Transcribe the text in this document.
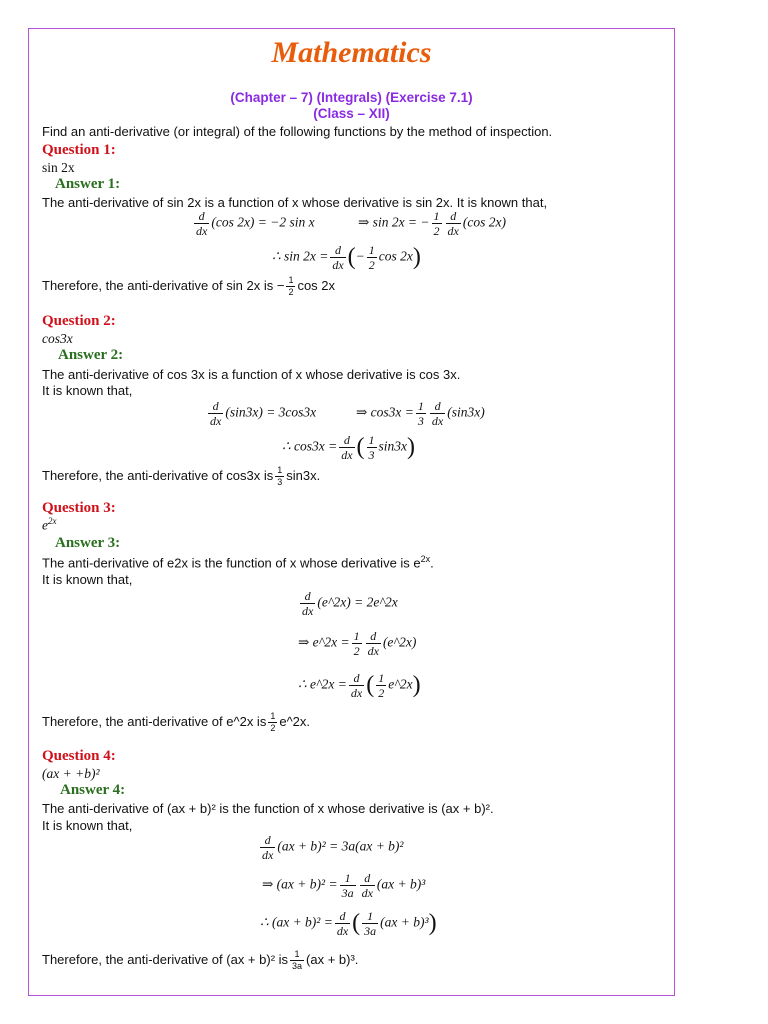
Mathematics
(Chapter – 7) (Integrals) (Exercise 7.1)
(Class – XII)
Find an anti-derivative (or integral) of the following functions by the method of inspection.
Question 1:
sin 2x
Answer 1:
The anti-derivative of sin 2x is a function of x whose derivative is sin 2x. It is known that,
$\frac{d}{dx} (\cos$ 2x) = −2 sin x	⇒ sin 2x = − $\frac{1}{2} \frac{d}{dx} (\cos$ 2x)
∴ $\sin 2x = \frac{d}{dx}$ (− $\frac{1}{2}$ cos 2x)
Therefore, the anti-derivative of sin 2x is − $\frac{1}{2}$ cos 2x
Question 2:
cos3x
Answer 2:
The anti-derivative of cos 3x is a function of x whose derivative is cos 3x.
It is known that,
$\frac{d}{dx} (\sin 3x) = 3\cos 3x$	⇒ $\cos 3x = \frac{1}{3} \frac{d}{dx} (\sin 3x)$
∴ $\cos 3x = \frac{d}{dx}$ ( $\frac{1}{3} \sin 3x$)
Therefore, the anti-derivative of cos3x is $\frac{1}{3} \sin 3x$.
Question 3:
$e^{2x}$
Answer 3:
The anti-derivative of e2x is the function of x whose derivative is $e^{2x}$.
It is known that,
$\frac{d}{dx}$ (e^2x) = 2e^2x
⇒ e^2x = $\frac{1}{2} \frac{d}{dx}$ (e^2x)
∴ e^2x = $\frac{d}{dx}$ ( $\frac{1}{2}$ e^2x)
Therefore, the anti-derivative of e^2x is $\frac{1}{2}$ e^2x.
Question 4:
(ax + +b)²
Answer 4:
The anti-derivative of (ax + b)² is the function of x whose derivative is (ax + b)².
It is known that,
$\frac{d}{dx} (ax + b)^2 = 3a(ax + b)^2$
⇒ $(ax + b)^2 = \frac{1}{3a} \frac{d}{dx} (ax + b)^3$
∴ $(ax + b)^2 = \frac{d}{dx}$ ( $\frac{1}{3a} (ax + b)^3$)
Therefore, the anti-derivative of (ax + b)² is $\frac{1}{3a} (ax + b)^3$.
